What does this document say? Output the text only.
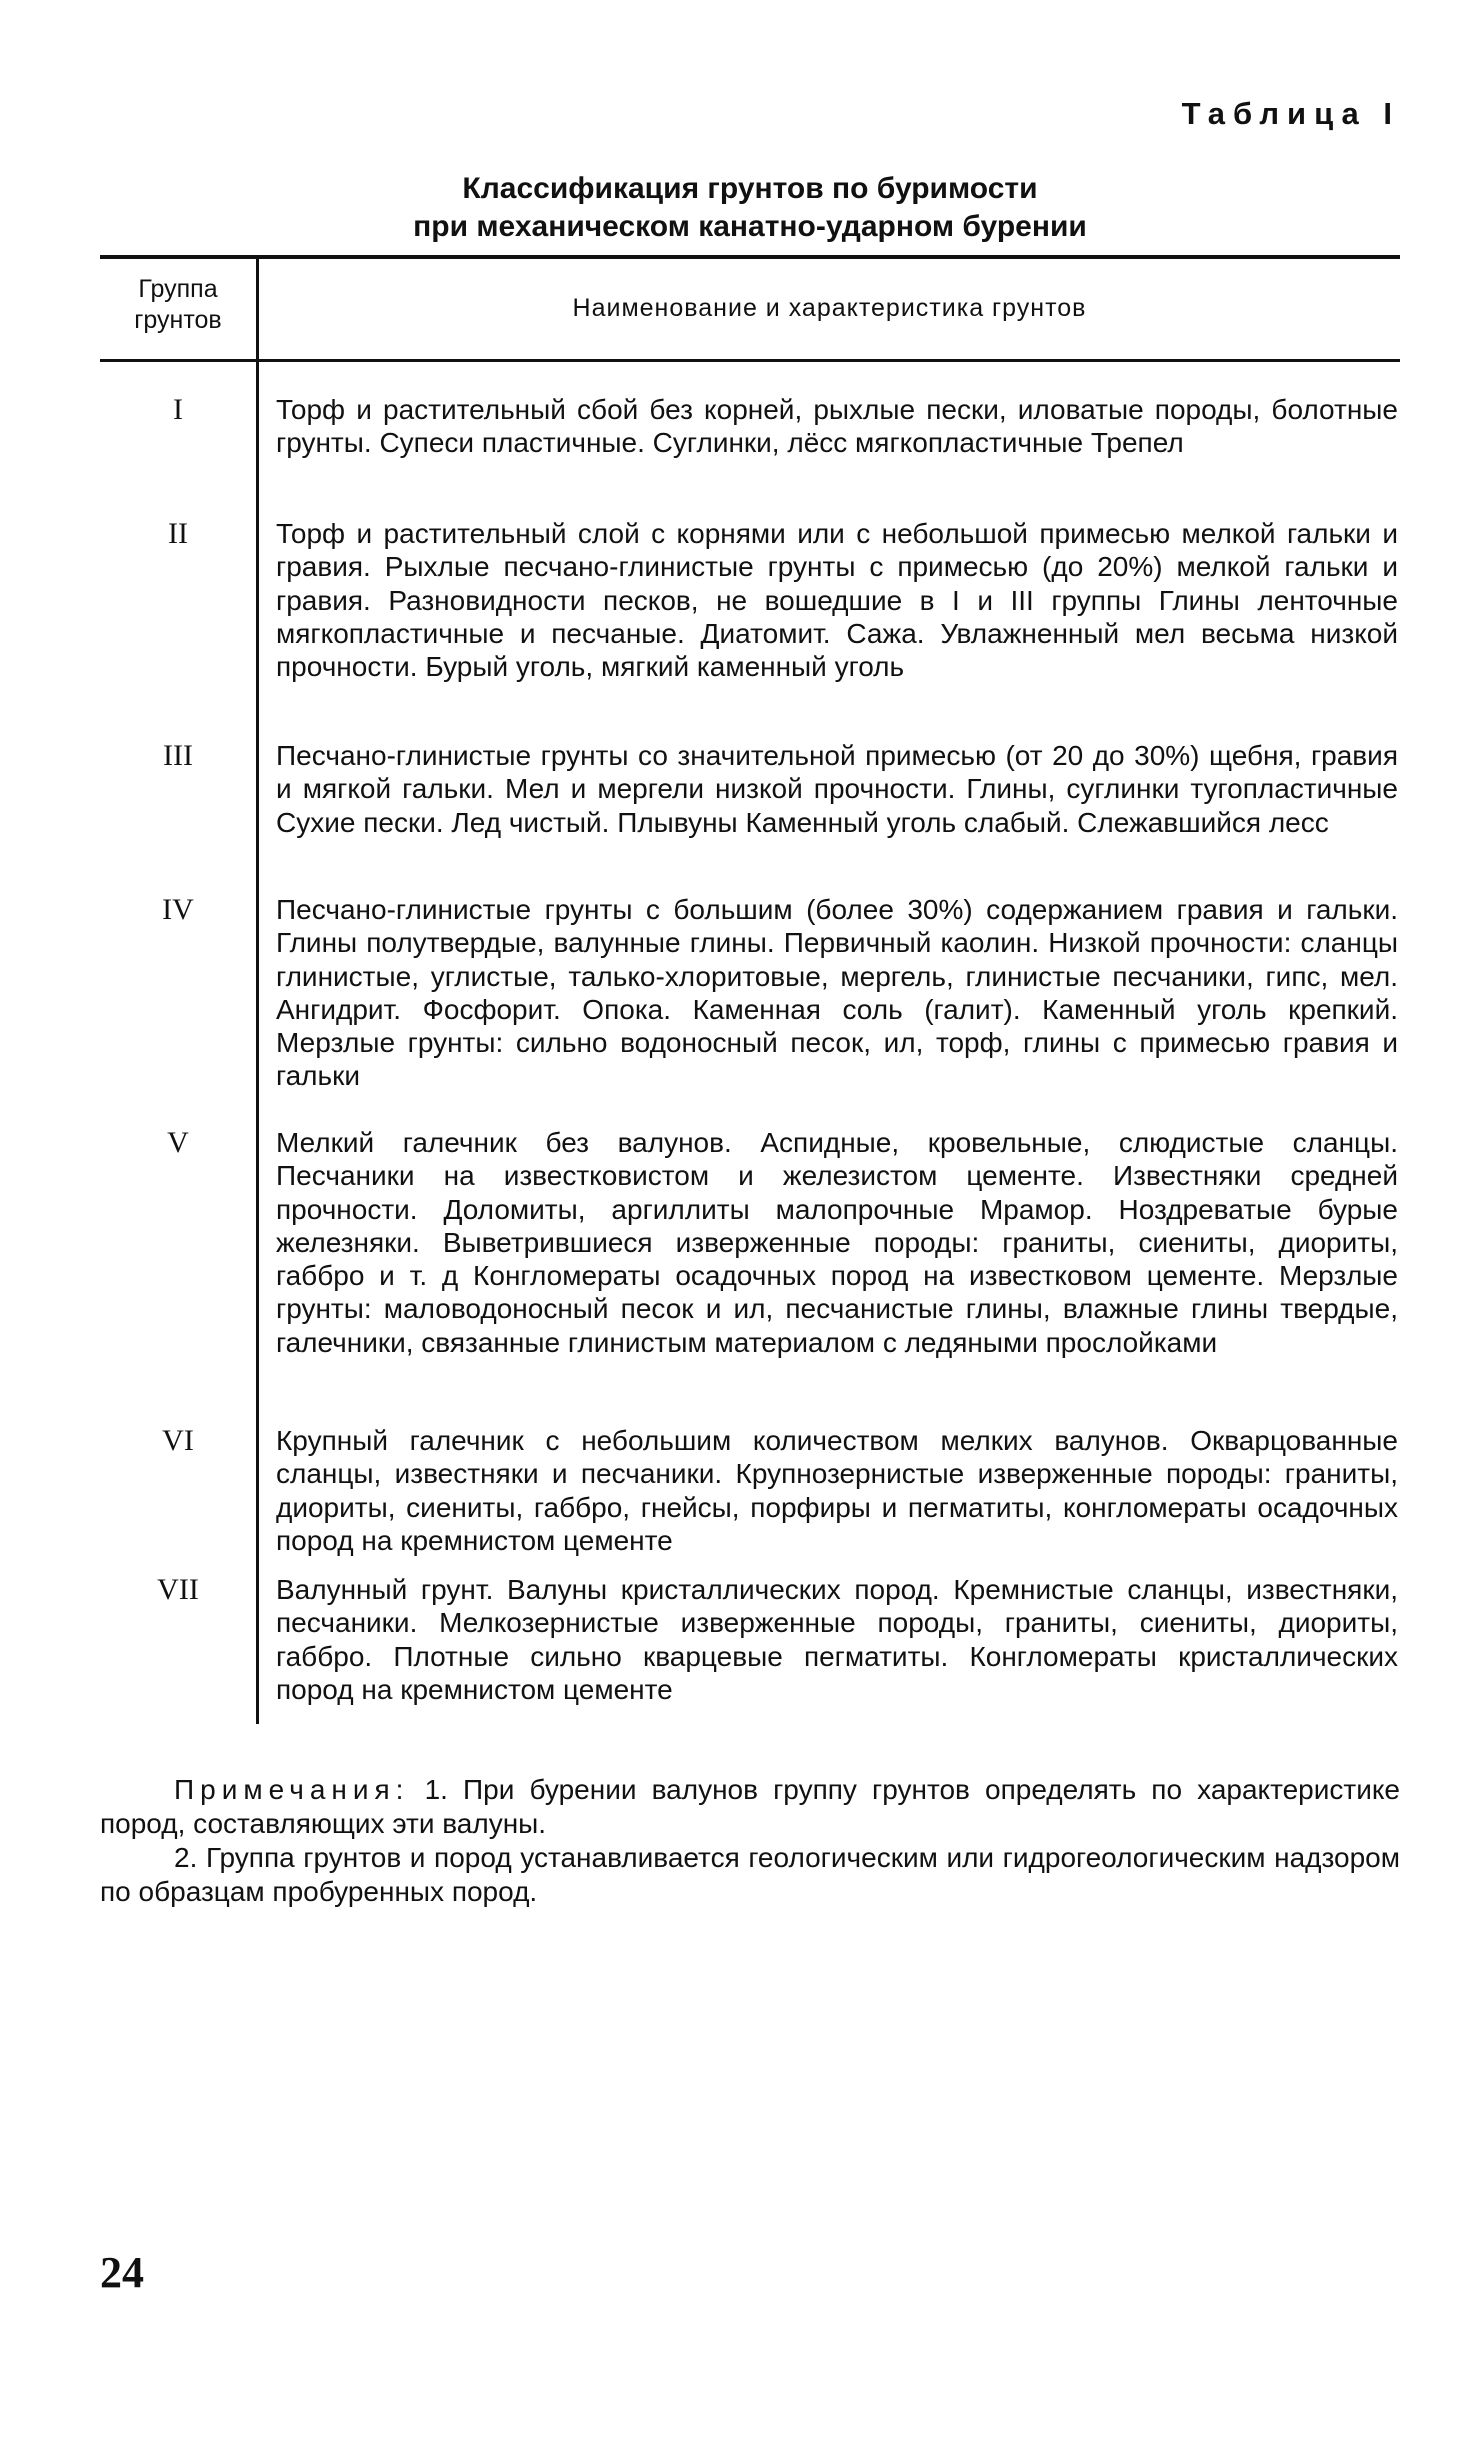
Таблица I
Классификация грунтов по буримости
при механическом канатно-ударном бурении
Группа
грунтов	Наименование и характеристика грунтов
I	Торф и растительный сбой без корней, рыхлые пески, иловатые породы, болотные грунты. Супеси пластичные. Суглинки, лёсс мягкопластичные Трепел
II	Торф и растительный слой с корнями или с небольшой примесью мелкой гальки и гравия. Рыхлые песчано-глинистые грунты с примесью (до 20%) мелкой гальки и гравия. Разновидности песков, не вошедшие в I и III группы Глины ленточные мягкопластичные и песчаные. Диатомит. Сажа. Увлажненный мел весьма низкой прочности. Бурый уголь, мягкий каменный уголь
III	Песчано-глинистые грунты со значительной примесью (от 20 до 30%) щебня, гравия и мягкой гальки. Мел и мергели низкой прочности. Глины, суглинки тугопластичные Сухие пески. Лед чистый. Плывуны Каменный уголь слабый. Слежавшийся лесс
IV	Песчано-глинистые грунты с большим (более 30%) содержанием гравия и гальки. Глины полутвердые, валунные глины. Первичный каолин. Низкой прочности: сланцы глинистые, углистые, талько-хлоритовые, мергель, глинистые песчаники, гипс, мел. Ангидрит. Фосфорит. Опока. Каменная соль (галит). Каменный уголь крепкий. Мерзлые грунты: сильно водоносный песок, ил, торф, глины с примесью гравия и гальки
V	Мелкий галечник без валунов. Аспидные, кровельные, слюдистые сланцы. Песчаники на известковистом и железистом цементе. Известняки средней прочности. Доломиты, аргиллиты малопрочные Мрамор. Ноздреватые бурые железняки. Выветрившиеся изверженные породы: граниты, сиениты, диориты, габбро и т. д Конгломераты осадочных пород на известковом цементе. Мерзлые грунты: маловодоносный песок и ил, песчанистые глины, влажные глины твердые, галечники, связанные глинистым материалом с ледяными прослойками
VI	Крупный галечник с небольшим количеством мелких валунов. Окварцованные сланцы, известняки и песчаники. Крупнозернистые изверженные породы: граниты, диориты, сиениты, габбро, гнейсы, порфиры и пегматиты, конгломераты осадочных пород на кремнистом цементе
VII	Валунный грунт. Валуны кристаллических пород. Кремнистые сланцы, известняки, песчаники. Мелкозернистые изверженные породы, граниты, сиениты, диориты, габбро. Плотные сильно кварцевые пегматиты. Конгломераты кристаллических пород на кремнистом цементе

Примечания: 1. При бурении валунов группу грунтов определять по характеристике пород, составляющих эти валуны.

2. Группа грунтов и пород устанавливается геологическим или гидрогеологическим надзором по образцам пробуренных пород.

24
